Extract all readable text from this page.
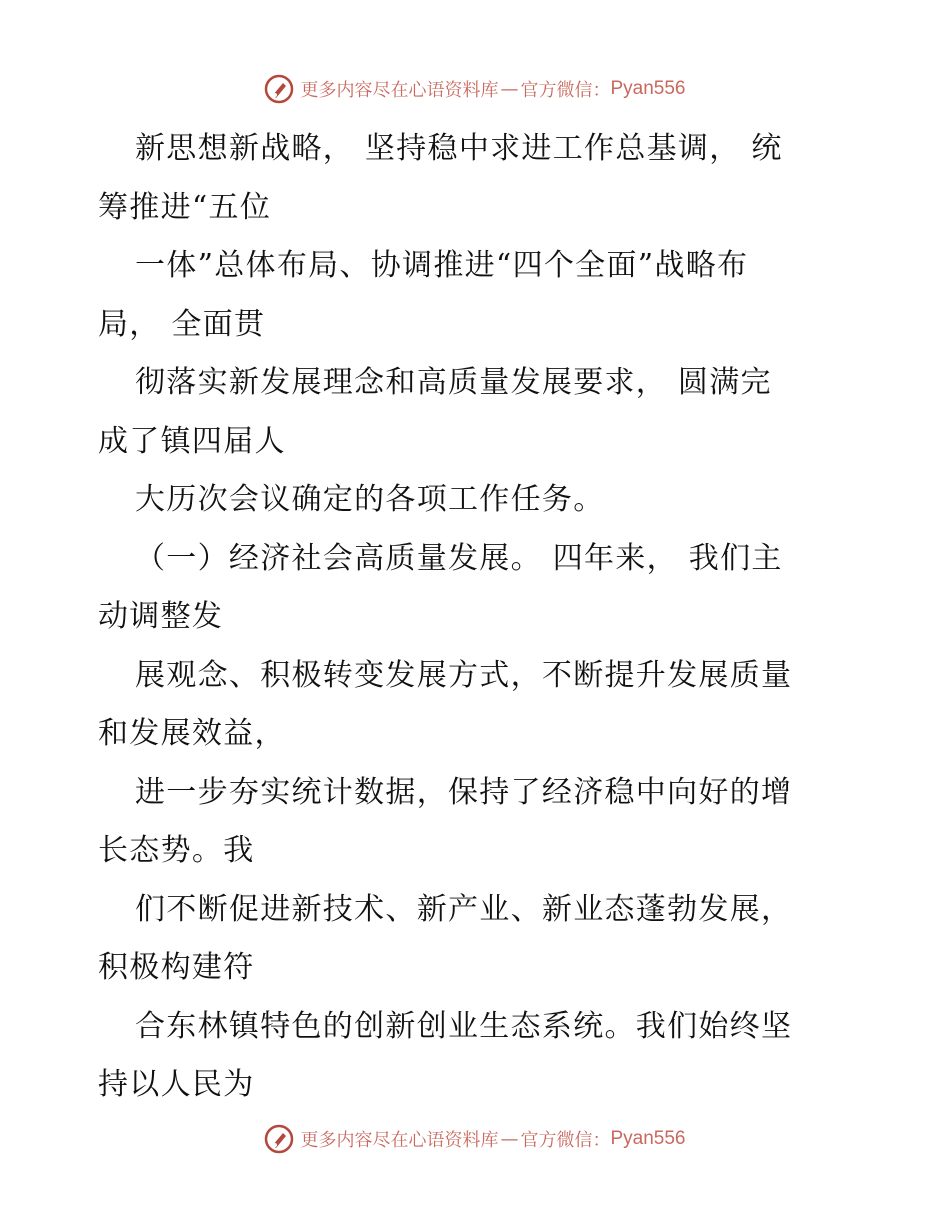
更多内容尽在心语资料库 — 官方微信： Pyan556

新思想新战略， 坚持稳中求进工作总基调， 统
筹推进“五位

一体”总体布局、协调推进“四个全面”战略布
局， 全面贯

彻落实新发展理念和高质量发展要求， 圆满完
成了镇四届人

大历次会议确定的各项工作任务。

（一）经济社会高质量发展。 四年来， 我们主
动调整发

展观念、积极转变发展方式，不断提升发展质量
和发展效益，

进一步夯实统计数据，保持了经济稳中向好的增
长态势。我

们不断促进新技术、新产业、新业态蓬勃发展，
积极构建符

合东林镇特色的创新创业生态系统。我们始终坚
持以人民为

更多内容尽在心语资料库 — 官方微信： Pyan556
